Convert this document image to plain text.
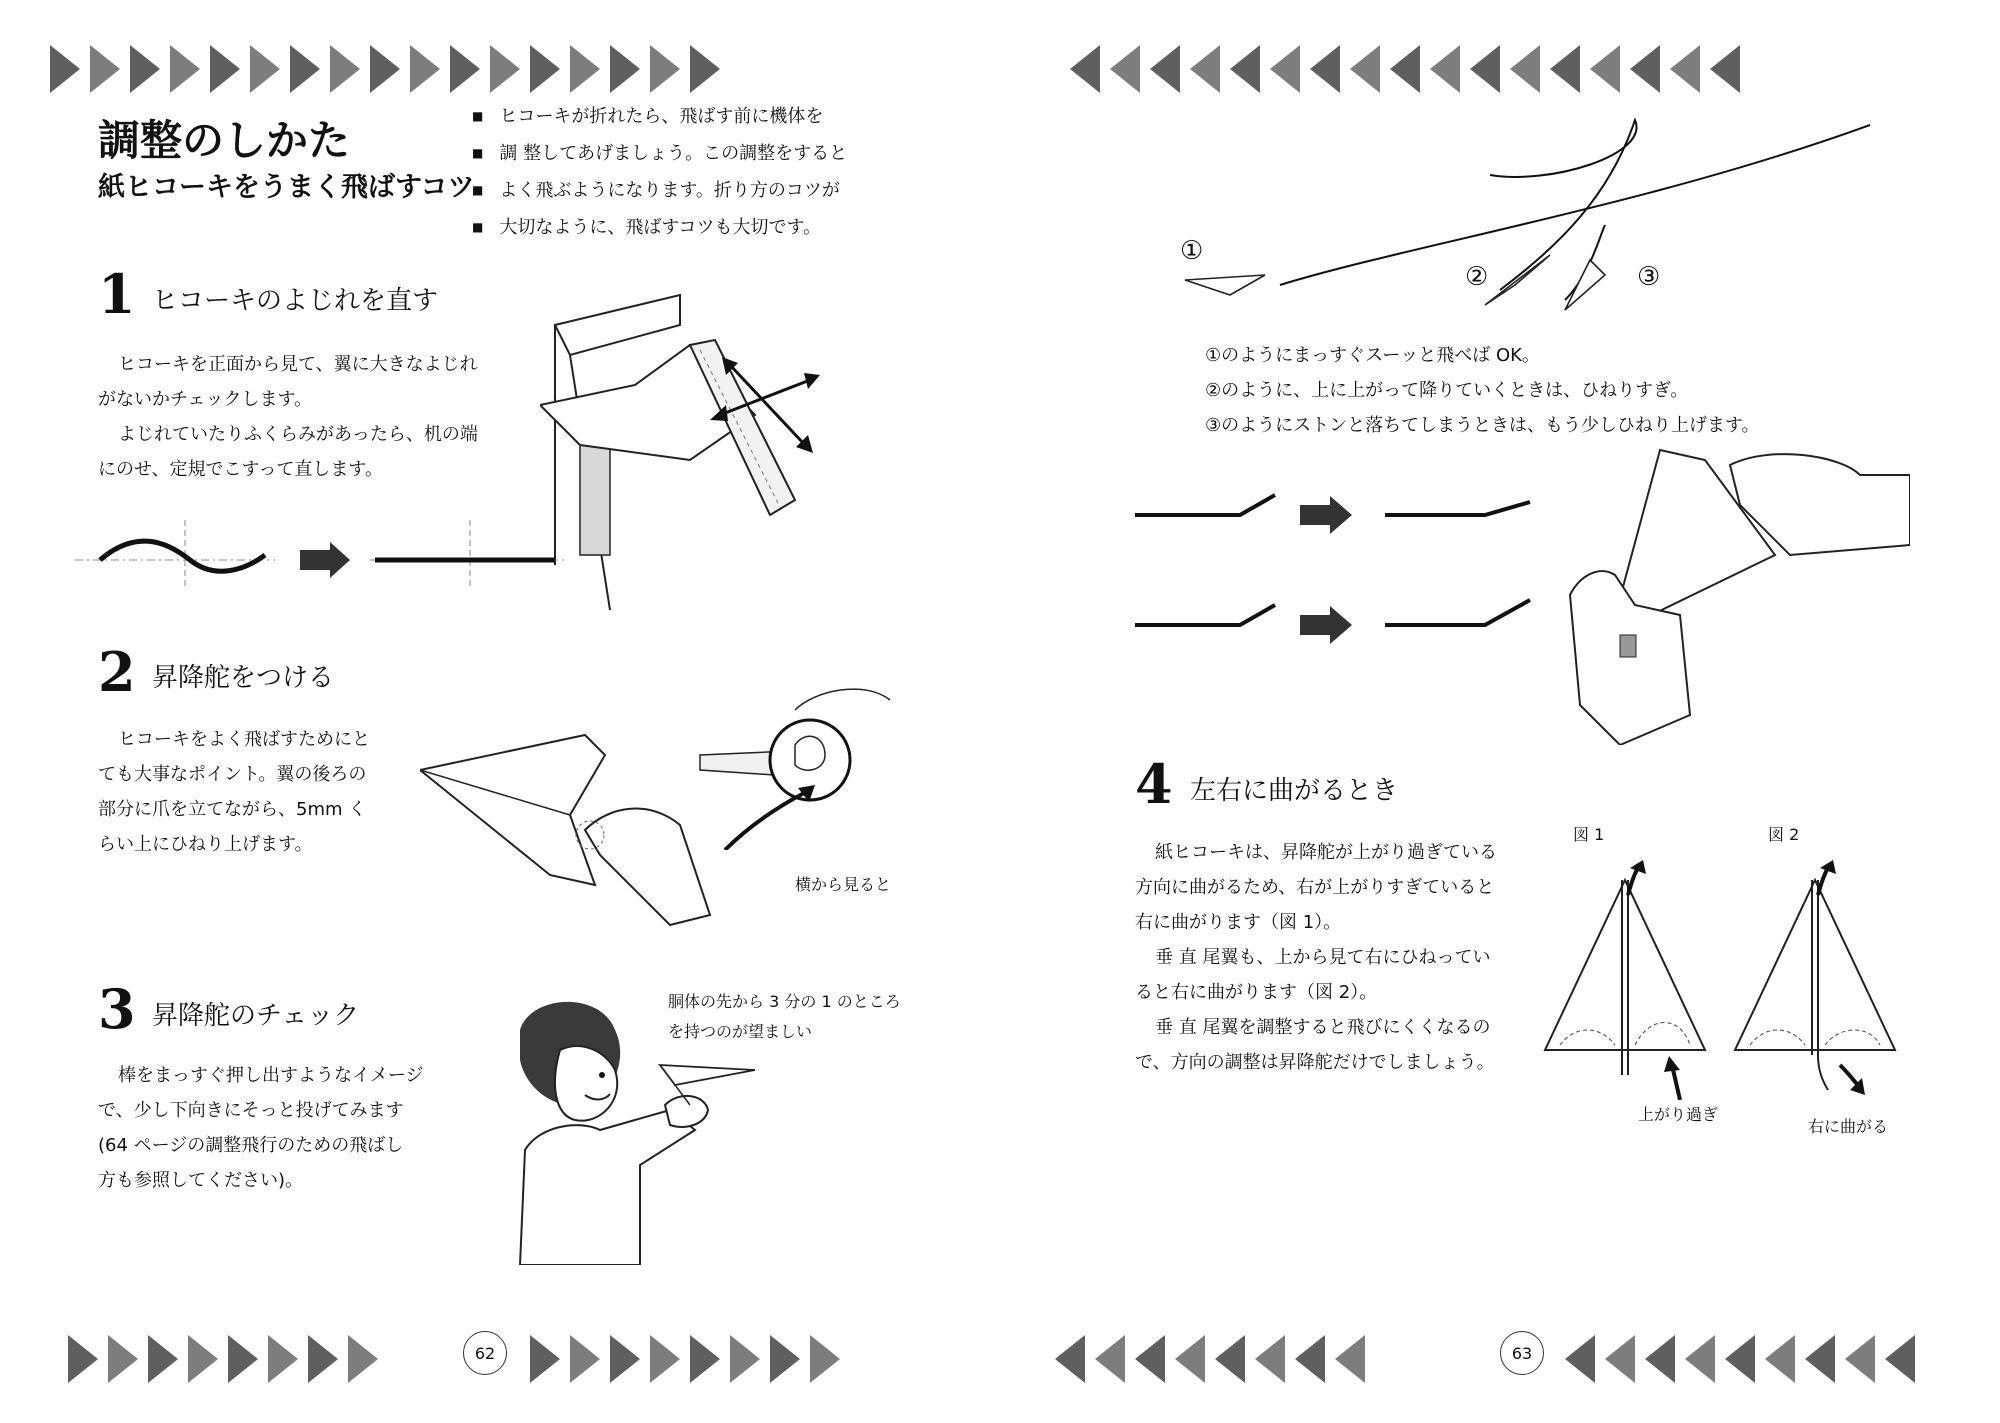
調整のしかた
紙ヒコーキをうまく飛ばすコツ
■ ヒコーキが折れたら、飛ばす前に機体を
■ 調 整してあげましょう。この調整をすると
■ よく飛ぶようになります。折り方のコツが
■ 大切なように、飛ばすコツも大切です。
1 ヒコーキのよじれを直す
ヒコーキを正面から見て、翼に大きなよじれ
がないかチェックします。
よじれていたりふくらみがあったら、机の端
にのせ、定規でこすって直します。
2 昇降舵をつける
ヒコーキをよく飛ばすためにと
ても大事なポイント。翼の後ろの
部分に爪を立てながら、5mm く
らい上にひねり上げます。
横から見ると
3 昇降舵のチェック
棒をまっすぐ押し出すようなイメージ
で、少し下向きにそっと投げてみます
(64 ページの調整飛行のための飛ばし
方も参照してください)。
胴体の先から 3 分の 1 のところ
を持つのが望ましい
62
①
②	③
①のようにまっすぐスーッと飛べば OK。
②のように、上に上がって降りていくときは、ひねりすぎ。
③のようにストンと落ちてしまうときは、もう少しひねり上げます。
4 左右に曲がるとき
紙ヒコーキは、昇降舵が上がり過ぎている
方向に曲がるため、右が上がりすぎていると
右に曲がります（図 1）。
垂 直 尾翼も、上から見て右にひねってい
ると右に曲がります（図 2）。
垂 直 尾翼を調整すると飛びにくくなるの
で、方向の調整は昇降舵だけでしましょう。
図 1	図 2
上がり過ぎ
右に曲がる
63
